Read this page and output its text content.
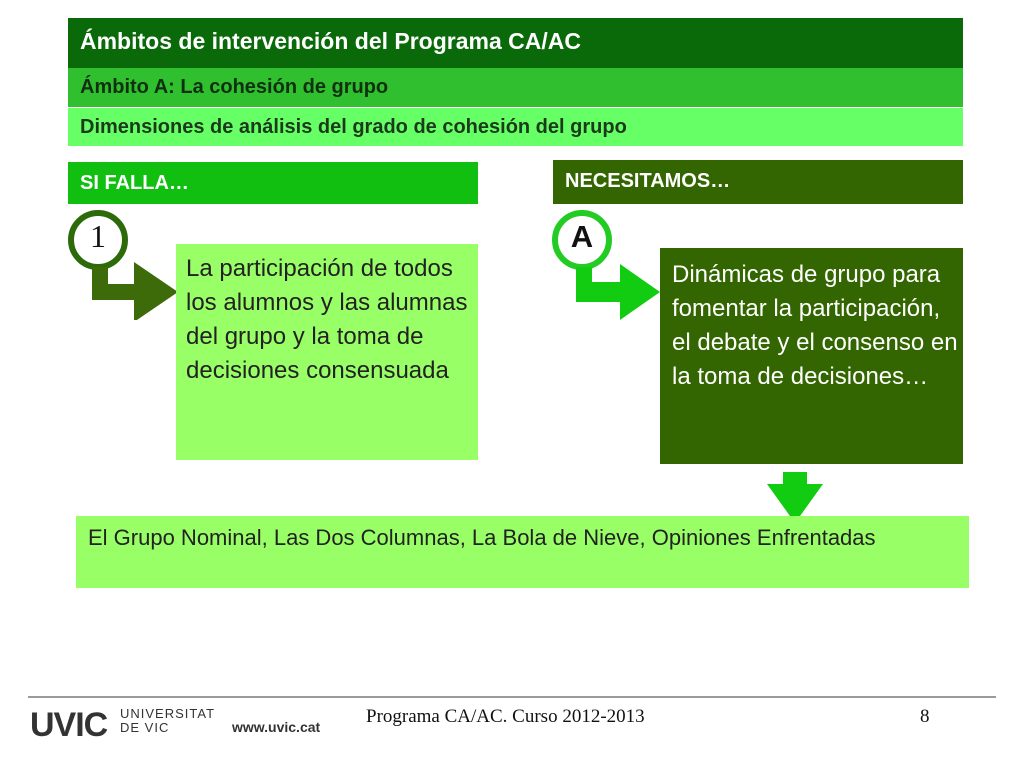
Ámbitos de intervención del Programa CA/AC
Ámbito A: La cohesión de grupo
Dimensiones de análisis del grado de cohesión del grupo
SI FALLA…
1
La participación de todos los alumnos y las alumnas del grupo y la toma de decisiones consensuada
NECESITAMOS…
A
Dinámicas de grupo para fomentar la participación, el debate y el consenso en la toma de decisiones…
El Grupo Nominal, Las Dos Columnas, La Bola de Nieve, Opiniones Enfrentadas
UVIC UNIVERSITAT
DE VIC	www.uvic.cat Programa CA/AC. Curso 2012-2013	8
